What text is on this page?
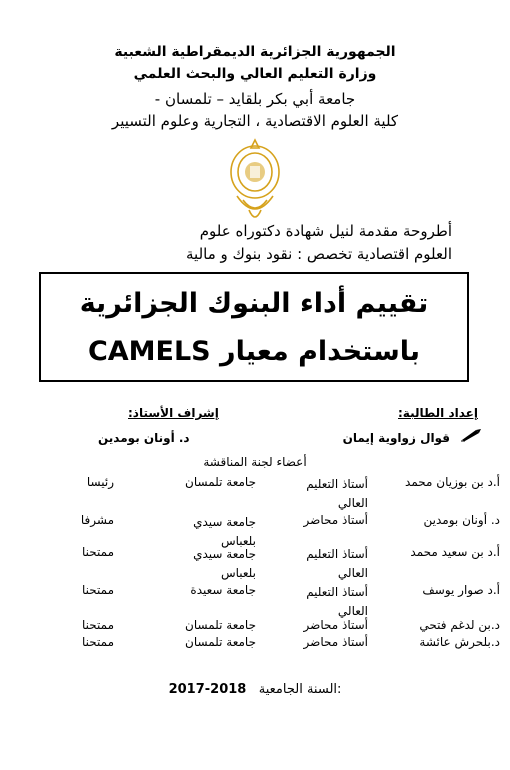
الجمهورية الجزائرية الديمقراطية الشعبية
وزارة التعليم العالي والبحث العلمي
جامعة أبي بكر بلقايد – تلمسان -
كلية العلوم الاقتصادية ، التجارية وعلوم التسيير
أطروحة مقدمة لنيل شهادة دكتوراه علوم
العلوم اقتصادية تخصص : نقود بنوك و مالية
تقييم أداء البنوك الجزائرية
باستخدام معيار CAMELS
إعداد الطالبة:
إشراف الأستاذ:
قوال زواوية إيمان
د. أونان بومدين
أعضاء لجنة المناقشة
أ.د بن بوزيان محمد
أستاذ التعليم العالي
جامعة تلمسان
رئيسا
د. أونان بومدين
أستاذ محاضر
جامعة سيدي بلعباس
مشرفا
أ.د بن سعيد محمد
أستاذ التعليم العالي
جامعة سيدي بلعباس
ممتحنا
أ.د صوار يوسف
أستاذ التعليم العالي
جامعة سعيدة
ممتحنا
د.بن لدغم فتحي
أستاذ محاضر
جامعة تلمسان
ممتحنا
د.بلحرش عائشة
أستاذ محاضر
جامعة تلمسان
ممتحنا
2017-2018 السنة الجامعية:
